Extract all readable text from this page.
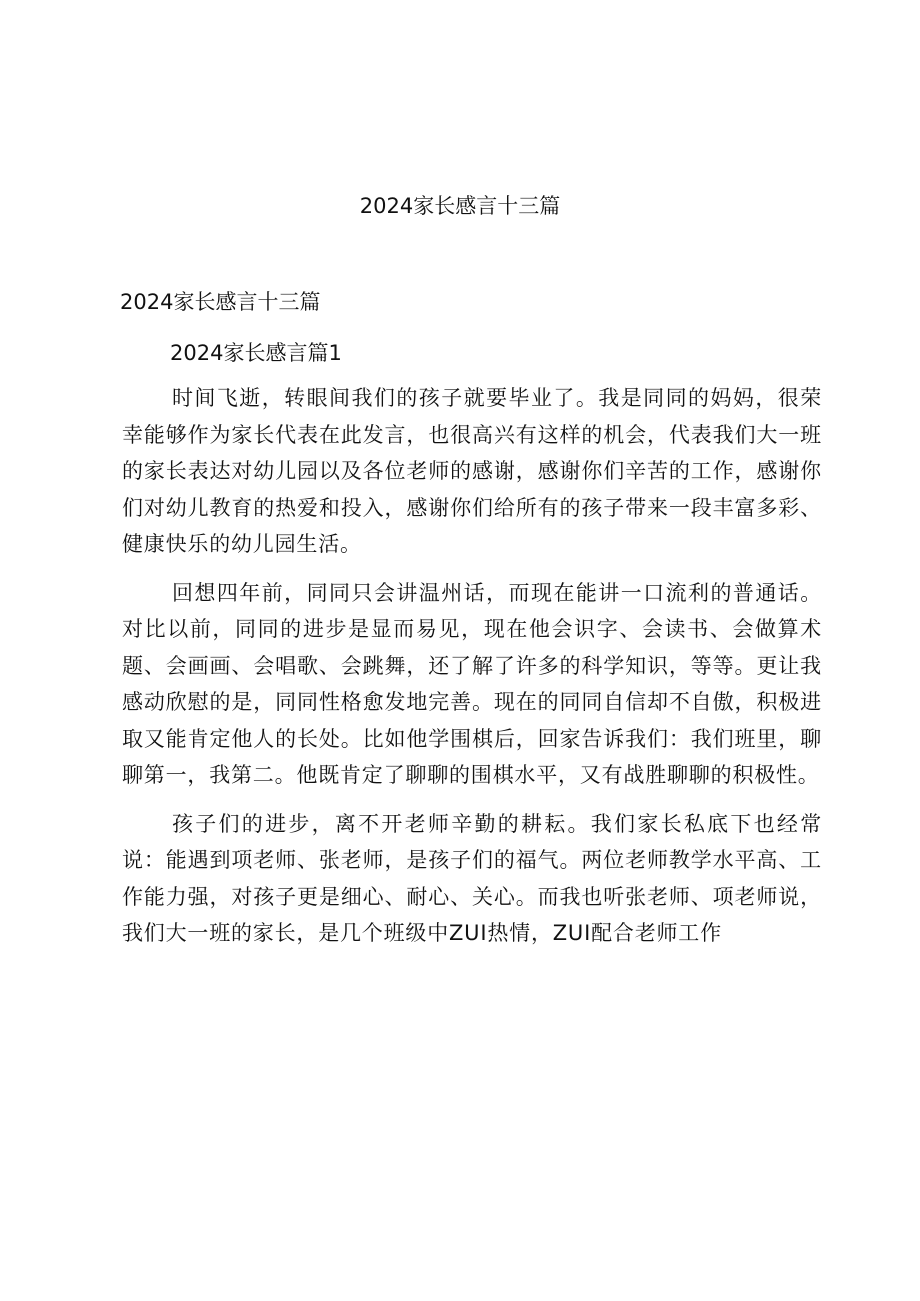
2024家长感言十三篇
2024家长感言十三篇
2024家长感言篇1

时间飞逝，转眼间我们的孩子就要毕业了。我是同同的妈妈，很荣幸能够作为家长代表在此发言，也很高兴有这样的机会，代表我们大一班的家长表达对幼儿园以及各位老师的感谢，感谢你们辛苦的工作，感谢你们对幼儿教育的热爱和投入，感谢你们给所有的孩子带来一段丰富多彩、健康快乐的幼儿园生活。

回想四年前，同同只会讲温州话，而现在能讲一口流利的普通话。对比以前，同同的进步是显而易见，现在他会识字、会读书、会做算术题、会画画、会唱歌、会跳舞，还了解了许多的科学知识，等等。更让我感动欣慰的是，同同性格愈发地完善。现在的同同自信却不自傲，积极进取又能肯定他人的长处。比如他学围棋后，回家告诉我们：我们班里，聊聊第一，我第二。他既肯定了聊聊的围棋水平，又有战胜聊聊的积极性。

孩子们的进步，离不开老师辛勤的耕耘。我们家长私底下也经常说：能遇到项老师、张老师，是孩子们的福气。两位老师教学水平高、工作能力强，对孩子更是细心、耐心、关心。而我也听张老师、项老师说，我们大一班的家长，是几个班级中ZUI热情，ZUI配合老师工作
